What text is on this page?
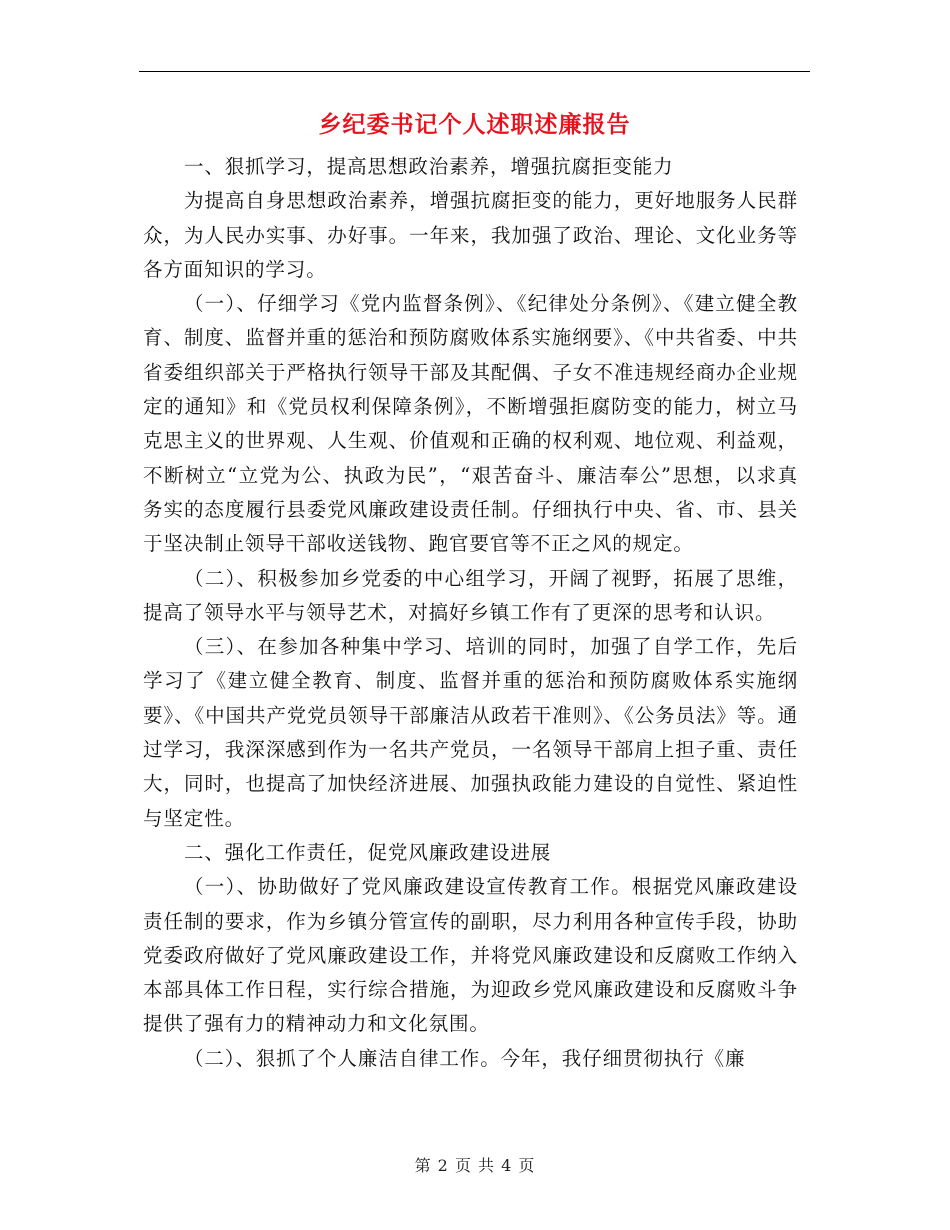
乡纪委书记个人述职述廉报告

一、狠抓学习，提高思想政治素养，增强抗腐拒变能力

为提高自身思想政治素养，增强抗腐拒变的能力，更好地服务人民群众，为人民办实事、办好事。一年来，我加强了政治、理论、文化业务等各方面知识的学习。

（一）、仔细学习《党内监督条例》、《纪律处分条例》、《建立健全教育、制度、监督并重的惩治和预防腐败体系实施纲要》、《中共省委、中共省委组织部关于严格执行领导干部及其配偶、子女不准违规经商办企业规定的通知》和《党员权利保障条例》，不断增强拒腐防变的能力，树立马克思主义的世界观、人生观、价值观和正确的权利观、地位观、利益观，不断树立“立党为公、执政为民”，“艰苦奋斗、廉洁奉公”思想，以求真务实的态度履行县委党风廉政建设责任制。仔细执行中央、省、市、县关于坚决制止领导干部收送钱物、跑官要官等不正之风的规定。

（二）、积极参加乡党委的中心组学习，开阔了视野，拓展了思维，提高了领导水平与领导艺术，对搞好乡镇工作有了更深的思考和认识。

（三）、在参加各种集中学习、培训的同时，加强了自学工作，先后学习了《建立健全教育、制度、监督并重的惩治和预防腐败体系实施纲要》、《中国共产党党员领导干部廉洁从政若干准则》、《公务员法》等。通过学习，我深深感到作为一名共产党员，一名领导干部肩上担子重、责任大，同时，也提高了加快经济进展、加强执政能力建设的自觉性、紧迫性与坚定性。

二、强化工作责任，促党风廉政建设进展

（一）、协助做好了党风廉政建设宣传教育工作。根据党风廉政建设责任制的要求，作为乡镇分管宣传的副职，尽力利用各种宣传手段，协助党委政府做好了党风廉政建设工作，并将党风廉政建设和反腐败工作纳入本部具体工作日程，实行综合措施，为迎政乡党风廉政建设和反腐败斗争提供了强有力的精神动力和文化氛围。

（二）、狠抓了个人廉洁自律工作。今年，我仔细贯彻执行《廉

第 2 页 共 4 页
